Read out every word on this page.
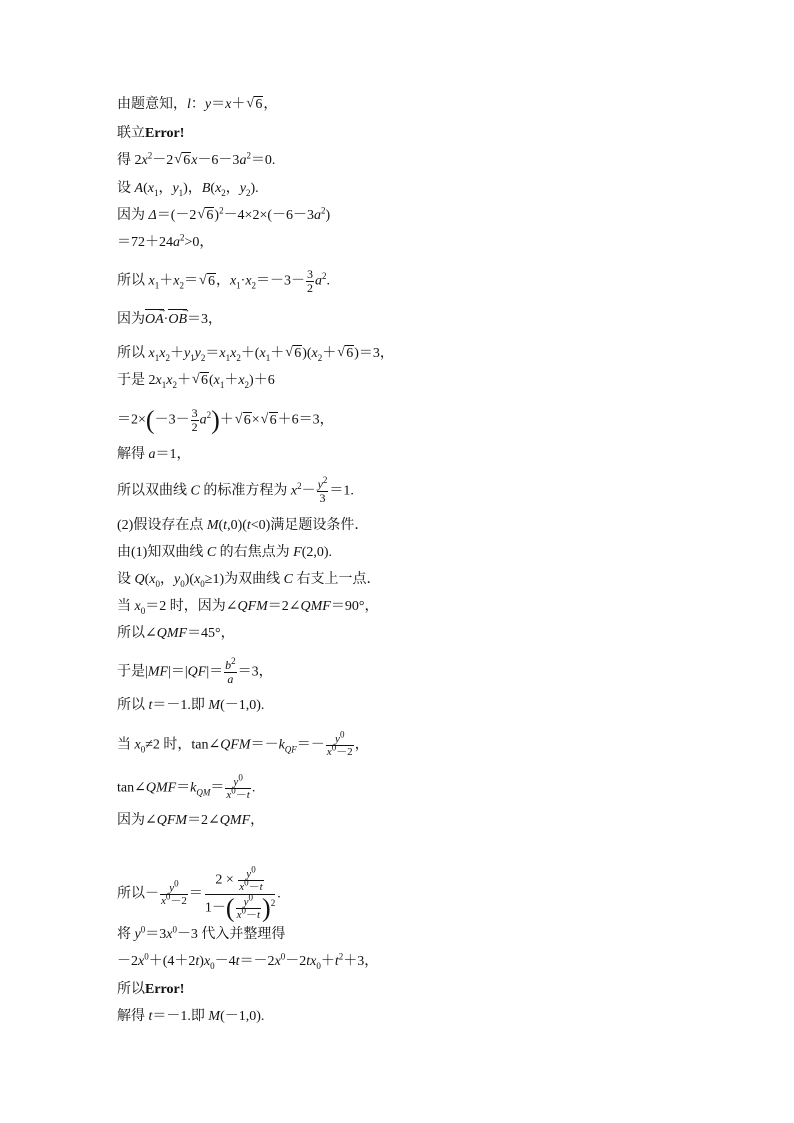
由题意知，l：y＝x＋√ 6，
联立Error!
得 $2x^2-2√$ $6x-6-3a^2=0$.
设 $A(x_1$，$y_1$)，$B(x_2$，$y_2$).
因为 Δ＝(－2√ $6)^2-4\times 2\times(-6-3a^2)$
$=72+24a^2>0$，
所以 $x_1+x_2=√$ 6，$x_1\cdot x_2=-3- \frac{3}{2} a^2$.
因为→ OA·→ OB＝3，
所以 $x_1x_2+y_1y_2=x_1x_2+(x_1+√$ $6)(x_2+√$ 6)＝3，
于是 $2x_1x_2+√$ $6(x_1+x_2)+6$
$=2\times(-3- \frac{3}{2} a^2)+√$ 6×√ 6＋6＝3，
解得 a＝1，
所以双曲线 C 的标准方程为 $x^2- \frac{y^2}{3} =1$.
(2)假设存在点 M(t,0)(t<0)满足题设条件．
由(1)知双曲线 C 的右焦点为 F(2,0).
设 $Q(x_0$，$y_0)(x_0\ge 1)$为双曲线 C 右支上一点．
当 $x_0=2$ 时，因为∠QFM＝2∠QMF＝90°，
所以∠QMF＝45°，
于是$|MF|=|QF|= \frac{b^2}{a} =3$，
所以 t＝－1.即 M(－1,0).
当 $x_0\ne 2$ 时，$\tan\angle QFM=-k_{QF}=- \frac{y^0}{x^0-2}$ ，
$\tan\angle QMF=k_{QM}= \frac{y^0}{x^0-t}$ .
因为∠QFM＝2∠QMF，
所以－ $\frac{y^0}{x^0-2} = \frac{2 \times \frac{y^0}{x^0-t}}{1-( \frac{y^0}{x^0-t} )^2}$ .
将 $y^0=3x^0-3$ 代入并整理得
$-2x^0+(4+2t)x_0-4t=-2x^0-2tx_0+t^2+3$，
所以Error!
解得 t＝－1.即 M(－1,0).
